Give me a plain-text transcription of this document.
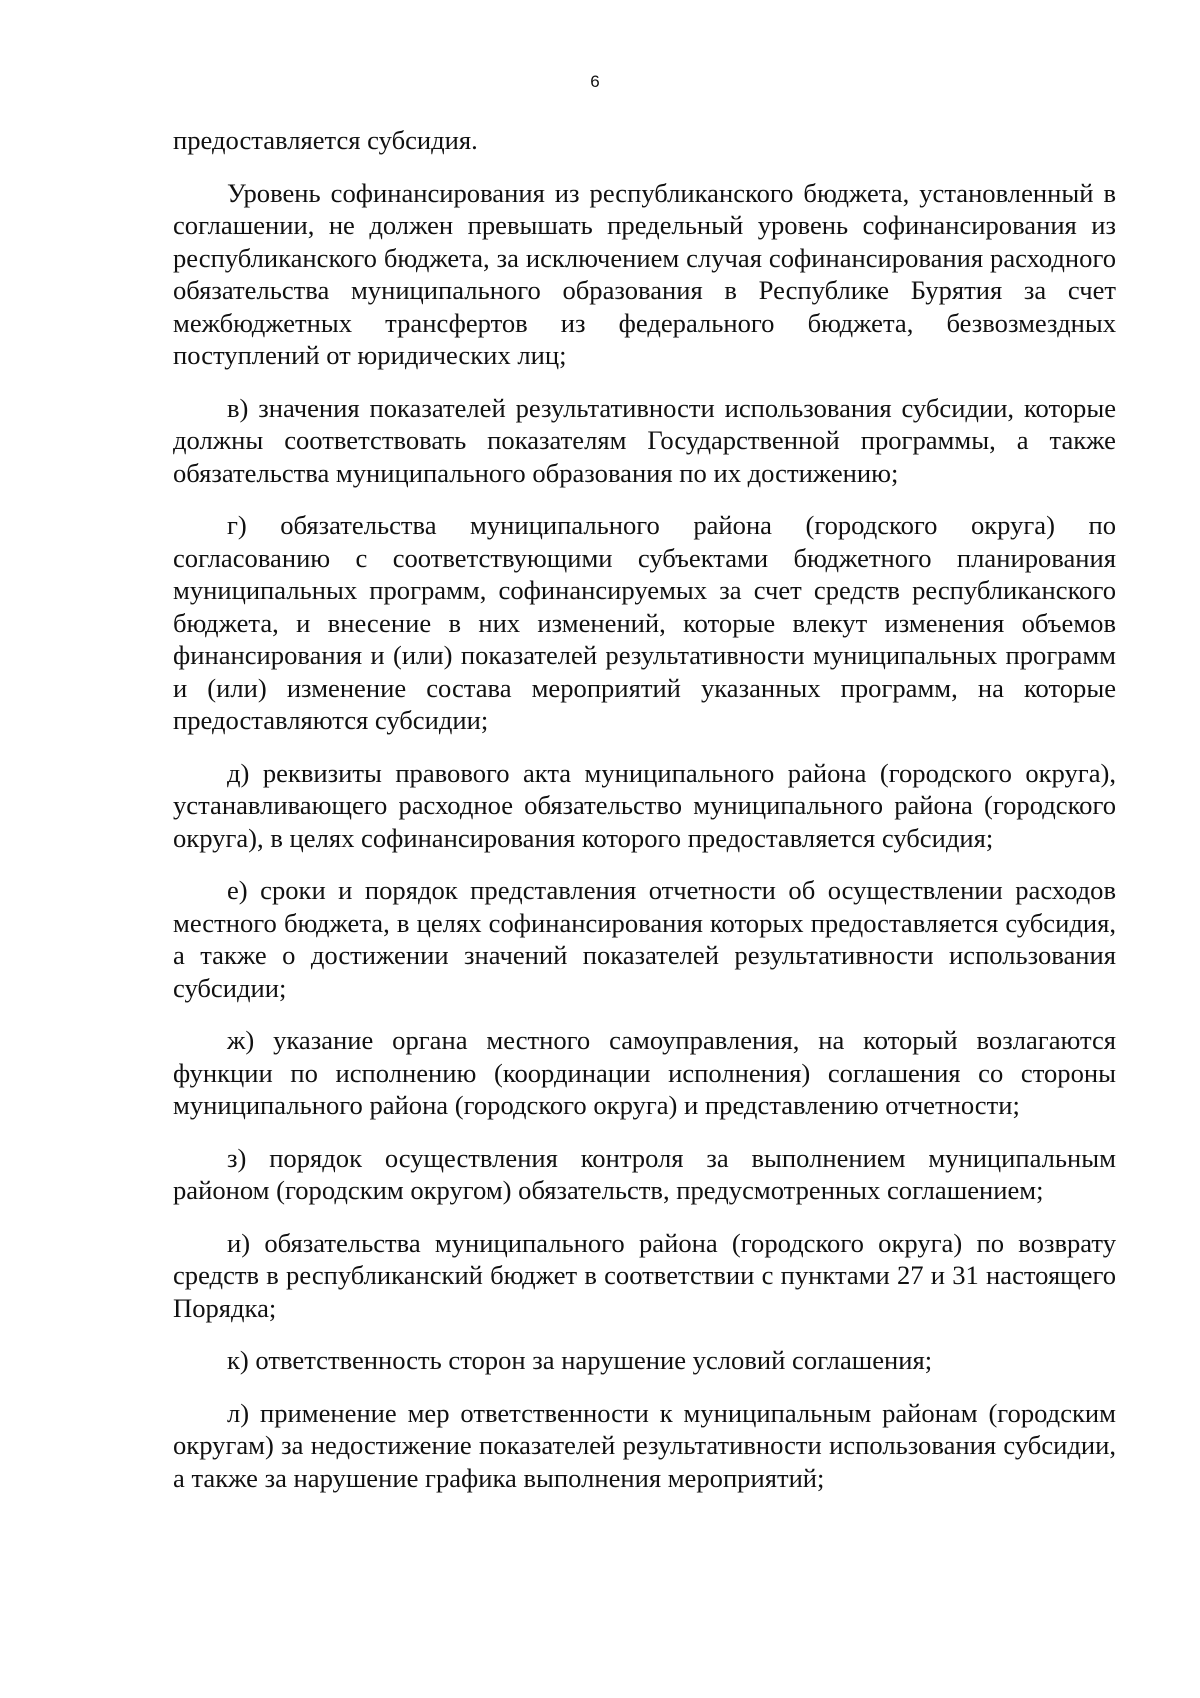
6

предоставляется субсидия.

Уровень софинансирования из республиканского бюджета, установленный в соглашении, не должен превышать предельный уровень софинансирования из республиканского бюджета, за исключением случая софинансирования расходного обязательства муниципального образования в Республике Бурятия за счет межбюджетных трансфертов из федерального бюджета, безвозмездных поступлений от юридических лиц;

в) значения показателей результативности использования субсидии, которые должны соответствовать показателям Государственной программы, а также обязательства муниципального образования по их достижению;

г) обязательства муниципального района (городского округа) по согласованию с соответствующими субъектами бюджетного планирования муниципальных программ, софинансируемых за счет средств республиканского бюджета, и внесение в них изменений, которые влекут изменения объемов финансирования и (или) показателей результативности муниципальных программ и (или) изменение состава мероприятий указанных программ, на которые предоставляются субсидии;

д) реквизиты правового акта муниципального района (городского округа), устанавливающего расходное обязательство муниципального района (городского округа), в целях софинансирования которого предоставляется субсидия;

е) сроки и порядок представления отчетности об осуществлении расходов местного бюджета, в целях софинансирования которых предоставляется субсидия, а также о достижении значений показателей результативности использования субсидии;

ж) указание органа местного самоуправления, на который возлагаются функции по исполнению (координации исполнения) соглашения со стороны муниципального района (городского округа) и представлению отчетности;

з) порядок осуществления контроля за выполнением муниципальным районом (городским округом) обязательств, предусмотренных соглашением;

и) обязательства муниципального района (городского округа) по возврату средств в республиканский бюджет в соответствии с пунктами 27 и 31 настоящего Порядка;

к) ответственность сторон за нарушение условий соглашения;

л) применение мер ответственности к муниципальным районам (городским округам) за недостижение показателей результативности использования субсидии, а также за нарушение графика выполнения мероприятий;
